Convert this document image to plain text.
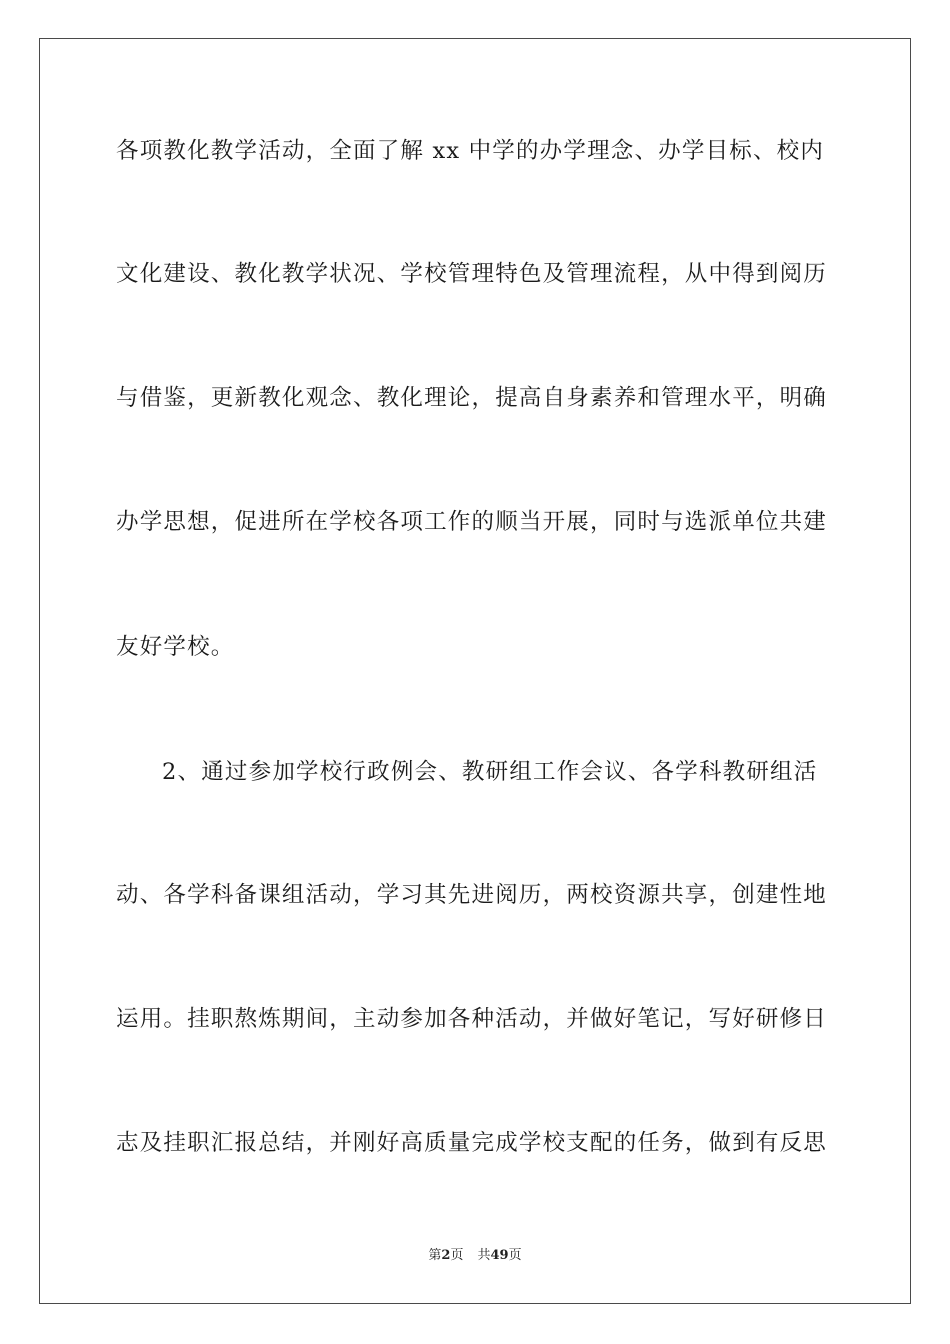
各项教化教学活动，全面了解 xx 中学的办学理念、办学目标、校内
文化建设、教化教学状况、学校管理特色及管理流程，从中得到阅历
与借鉴，更新教化观念、教化理论，提高自身素养和管理水平，明确
办学思想，促进所在学校各项工作的顺当开展，同时与选派单位共建
友好学校。
2、通过参加学校行政例会、教研组工作会议、各学科教研组活
动、各学科备课组活动，学习其先进阅历，两校资源共享，创建性地
运用。挂职熬炼期间，主动参加各种活动，并做好笔记，写好研修日
志及挂职汇报总结，并刚好高质量完成学校支配的任务，做到有反思
第2页 共49页
